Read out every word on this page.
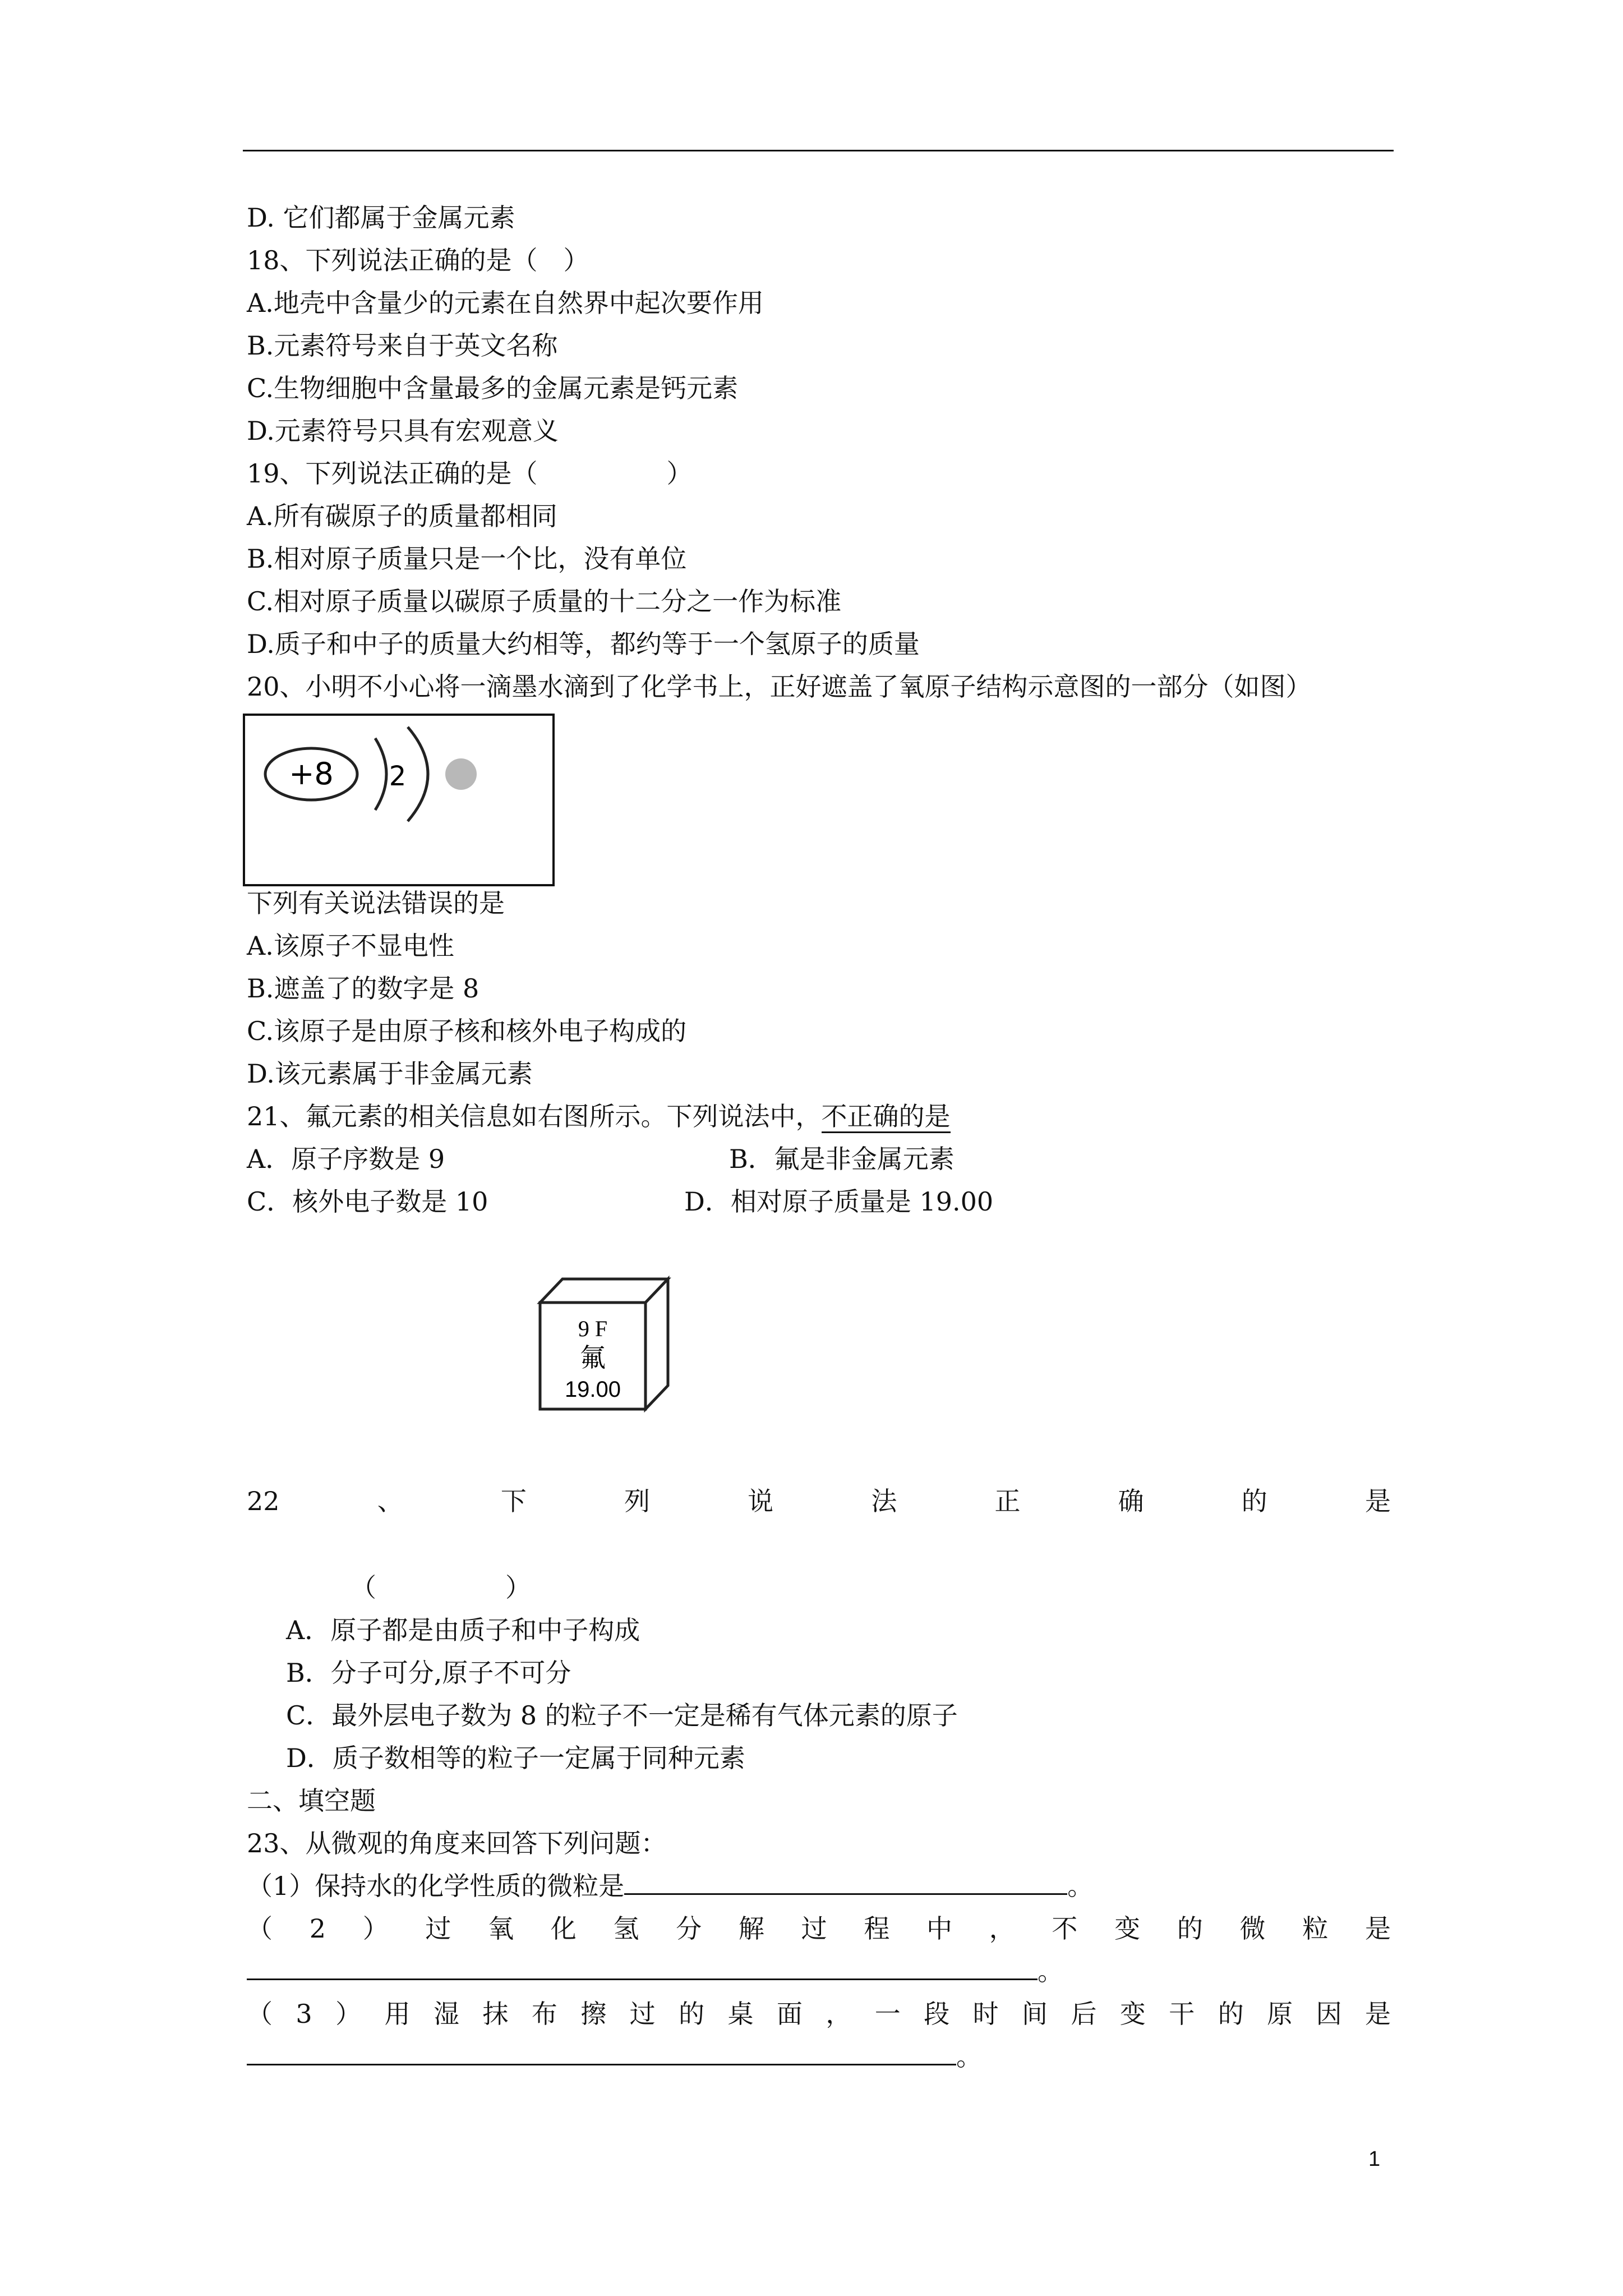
D. 它们都属于金属元素
18、下列说法正确的是（　）
A.地壳中含量少的元素在自然界中起次要作用
B.元素符号来自于英文名称
C.生物细胞中含量最多的金属元素是钙元素
D.元素符号只具有宏观意义
19、下列说法正确的是（　　　　　）
A.所有碳原子的质量都相同
B.相对原子质量只是一个比，没有单位
C.相对原子质量以碳原子质量的十二分之一作为标准
D.质子和中子的质量大约相等，都约等于一个氢原子的质量
20、小明不小心将一滴墨水滴到了化学书上，正好遮盖了氧原子结构示意图的一部分（如图）
+8 2
下列有关说法错误的是
A.该原子不显电性
B.遮盖了的数字是 8
C.该原子是由原子核和核外电子构成的
D.该元素属于非金属元素
21、氟元素的相关信息如右图所示。下列说法中，不正确的是
A．原子序数是 9	B．氟是非金属元素
C．核外电子数是 10	D．相对原子质量是 19.00
9 F
氟
19.00
22	、	下	列	说	法	正	确	的	是
（　　　　　）
A．原子都是由质子和中子构成
B．分子可分,原子不可分
C．最外层电子数为 8 的粒子不一定是稀有气体元素的原子
D．质子数相等的粒子一定属于同种元素
二、填空题
23、从微观的角度来回答下列问题：
（1）保持水的化学性质的微粒是	。
（ 2 ） 过 氧 化 氢 分 解 过 程 中 ， 不 变 的 微 粒 是
。
（ 3 ） 用 湿 抹 布 擦 过 的 桌 面 ， 一 段 时 间 后 变 干 的 原 因 是
。
1
